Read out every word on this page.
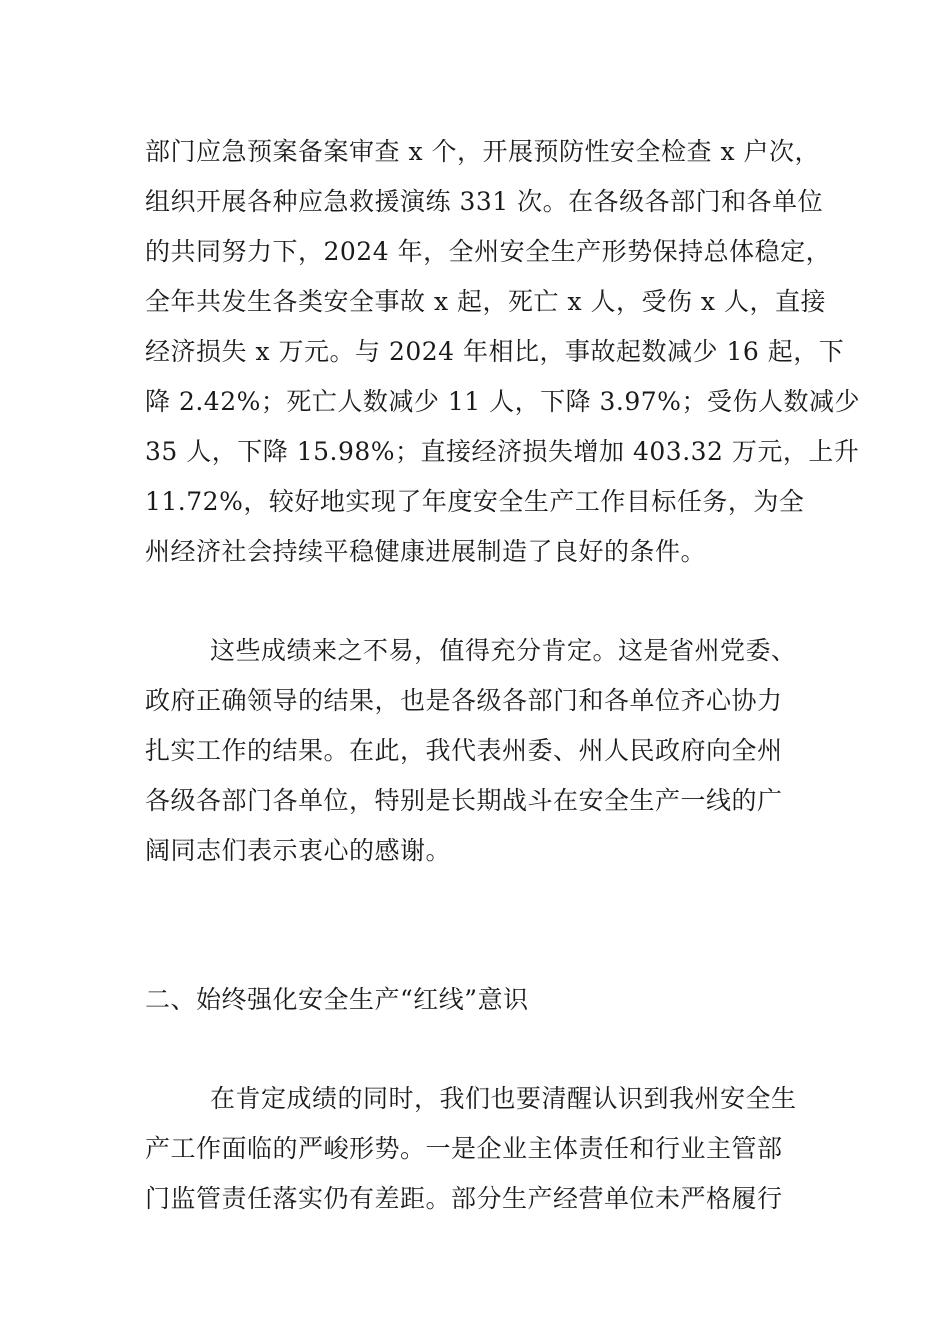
部门应急预案备案审查 x 个，开展预防性安全检查 x 户次，
组织开展各种应急救援演练 331 次。在各级各部门和各单位
的共同努力下，2024 年，全州安全生产形势保持总体稳定，
全年共发生各类安全事故 x 起，死亡 x 人，受伤 x 人，直接
经济损失 x 万元。与 2024 年相比，事故起数减少 16 起，下
降 2.42%；死亡人数减少 11 人，下降 3.97%；受伤人数减少
35 人，下降 15.98%；直接经济损失增加 403.32 万元，上升
11.72%，较好地实现了年度安全生产工作目标任务，为全
州经济社会持续平稳健康进展制造了良好的条件。
这些成绩来之不易，值得充分肯定。这是省州党委、
政府正确领导的结果，也是各级各部门和各单位齐心协力
扎实工作的结果。在此，我代表州委、州人民政府向全州
各级各部门各单位，特别是长期战斗在安全生产一线的广
阔同志们表示衷心的感谢。
二、始终强化安全生产“红线”意识
在肯定成绩的同时，我们也要清醒认识到我州安全生
产工作面临的严峻形势。一是企业主体责任和行业主管部
门监管责任落实仍有差距。部分生产经营单位未严格履行
